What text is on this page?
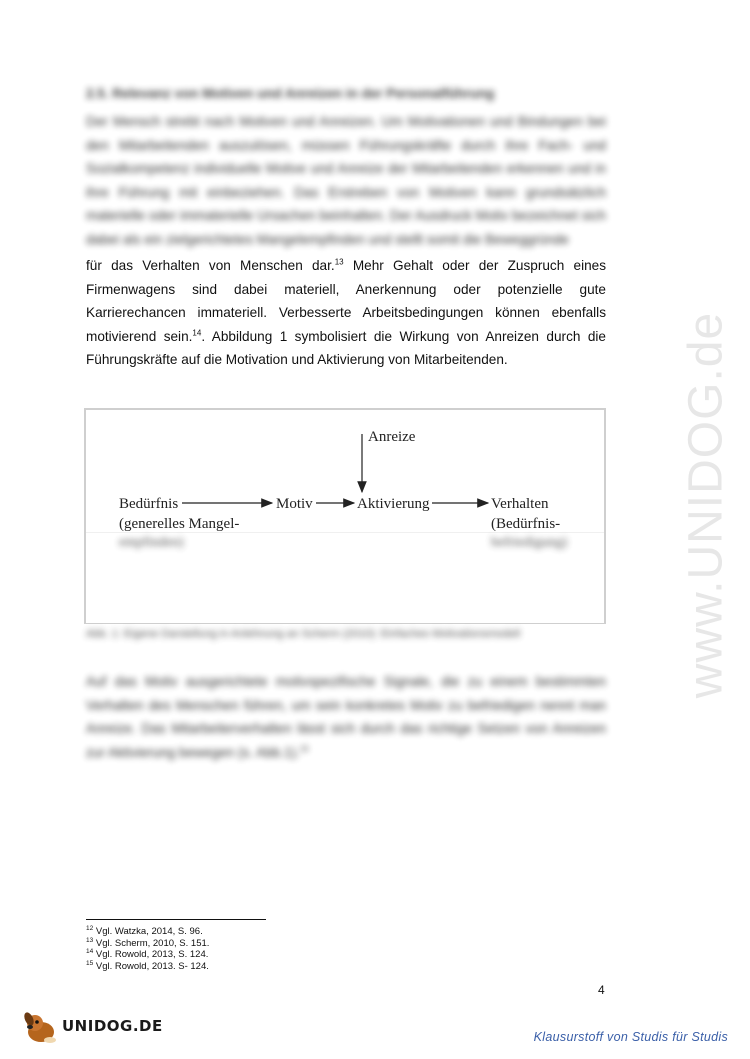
2.5. Relevanz von Motiven und Anreizen in der Personalführung

Der Mensch strebt nach Motiven und Anreizen. Um Motivationen und Bindungen bei den Mitarbeitenden auszulösen, müssen Führungskräfte durch ihre Fach- und Sozialkompetenz individuelle Motive und Anreize der Mitarbeitenden erkennen und in ihre Führung mit einbeziehen. Das Erstreben von Motiven kann grundsätzlich materielle oder immaterielle Ursachen beinhalten. Der Ausdruck Motiv bezeichnet sich dabei als ein zielgerichtetes Mangelempfinden und stellt somit die Beweggründe

für das Verhalten von Menschen dar.$^{13}$ Mehr Gehalt oder der Zuspruch eines Firmenwagens sind dabei materiell, Anerkennung oder potenzielle gute Karrierechancen immateriell. Verbesserte Arbeitsbedingungen können ebenfalls motivierend sein.$^{14}$. Abbildung 1 symbolisiert die Wirkung von Anreizen durch die Führungskräfte auf die Motivation und Aktivierung von Mitarbeitenden.

Anreize
Bedürfnis
(generelles Mangel-
Motiv	Aktivierung	Verhalten
(Bedürfnis-
empfinden)	befriedigung)
Abb. 1: Eigene Darstellung in Anlehnung an Scherm (2010): Einfaches Motivationsmodell

Auf das Motiv ausgerichtete motivspezifische Signale, die zu einem bestimmten Verhalten des Menschen führen, um sein konkretes Motiv zu befriedigen nennt man Anreize. Das Mitarbeiterverhalten lässt sich durch das richtige Setzen von Anreizen zur Aktivierung bewegen (s. Abb.1).$^{15}$

$^{12}$ Vgl. Watzka, 2014, S. 96.
$^{13}$ Vgl. Scherm, 2010, S. 151.
$^{14}$ Vgl. Rowold, 2013, S. 124.
$^{15}$ Vgl. Rowold, 2013. S- 124.
4
www.UNIDOG.de
UNIDOG.DE
Klausurstoff von Studis für Studis
